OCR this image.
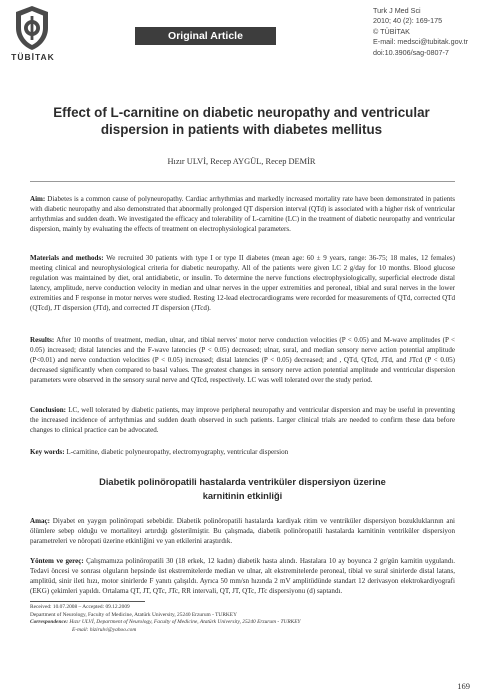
TÜBİTAK
Original Article
Turk J Med Sci
2010; 40 (2): 169-175
© TÜBİTAK
E-mail: medsci@tubitak.gov.tr
doi:10.3906/sag-0807-7
Effect of L-carnitine on diabetic neuropathy and ventricular
dispersion in patients with diabetes mellitus
Hızır ULVİ, Recep AYGÜL, Recep DEMİR
Aim: Diabetes is a common cause of polyneuropathy. Cardiac arrhythmias and markedly increased mortality rate have been demonstrated in patients with diabetic neuropathy and also demonstrated that abnormally prolonged QT dispersion interval (QTd) is associated with a higher risk of ventricular arrhythmias and sudden death. We investigated the efficacy and tolerability of L-carnitine (LC) in the treatment of diabetic neuropathy and ventricular dispersion, mainly by evaluating the effects of treatment on electrophysiological parameters.
Materials and methods: We recruited 30 patients with type I or type II diabetes (mean age: 60 ± 9 years, range: 36-75; 18 males, 12 females) meeting clinical and neurophysiological criteria for diabetic neuropathy. All of the patients were given LC 2 g/day for 10 months. Blood glucose regulation was maintained by diet, oral antidiabetic, or insulin. To determine the nerve functions electrophysiologically, superficial electrode distal latency, amplitude, nerve conduction velocity in median and ulnar nerves in the upper extremities and peroneal, tibial and sural nerves in the lower extremities and F response in motor nerves were studied. Resting 12-lead electrocardiograms were recorded for measurements of QTd, corrected QTd (QTcd), JT dispersion (JTd), and corrected JT dispersion (JTcd).
Results: After 10 months of treatment, median, ulnar, and tibial nerves' motor nerve conduction velocities (P < 0.05) and M-wave amplitudes (P < 0.05) increased; distal latencies and the F-wave latencies (P < 0.05) decreased; ulnar, sural, and median sensory nerve action potential amplitude (P<0.01) and nerve conduction velocities (P < 0.05) increased; distal latencies (P < 0.05) decreased; and , QTd, QTcd, JTd, and JTcd (P < 0.05) decreased significantly when compared to basal values. The greatest changes in sensory nerve action potential amplitude and ventricular dispersion parameters were observed in the sensory sural nerve and QTcd, respectively. LC was well tolerated over the study period.
Conclusion: LC, well tolerated by diabetic patients, may improve peripheral neuropathy and ventricular dispersion and may be useful in preventing the increased incidence of arrhythmias and sudden death observed in such patients. Larger clinical trials are needed to confirm these data before changes to clinical practice can be advocated.
Key words: L-carnitine, diabetic polyneuropathy, electromyography, ventricular dispersion
Diabetik polinöropatili hastalarda ventriküler dispersiyon üzerine
karnitinin etkinliği
Amaç: Diyabet en yaygın polinöropati sebebidir. Diabetik polinöropatili hastalarda kardiyak ritim ve ventriküler dispersiyon bozukluklarının ani ölümlere sebep olduğu ve mortaliteyi artırdığı gösterilmiştir. Bu çalışmada, diabetik polinöropatili hastalarda karnitinin ventriküler dispersiyon parametreleri ve nöropati üzerine etkinliğini ve yan etkilerini araştırdık.
Yöntem ve gereç: Çalışmamıza polinöropatili 30 (18 erkek, 12 kadın) diabetik hasta alındı. Hastalara 10 ay boyunca 2 gr/gün karnitin uygulandı. Tedavi öncesi ve sonrası olguların hepsinde üst ekstremitelerde median ve ulnar, alt ekstremitelerde peroneal, tibial ve sural sinirlerde distal latans, amplitüd, sinir ileti hızı, motor sinirlerde F yanıtı çalışıldı. Ayrıca 50 mm/sn hızında 2 mV amplitüdünde standart 12 derivasyon elektrokardiyografi (EKG) çekimleri yapıldı. Ortalama QT, JT, QTc, JTc, RR intervali, QT, JT, QTc, JTc dispersiyonu (d) saptandı.
Received: 10.07.2008 – Accepted: 09.12.2009
Department of Neurology, Faculty of Medicine, Atatürk University, 25240 Erzurum - TURKEY
Correspondence: Hızır ULVİ, Department of Neurology, Faculty of Medicine, Atatürk University, 25240 Erzurum - TURKEY
E-mail: hizirulvi@yahoo.com
169
